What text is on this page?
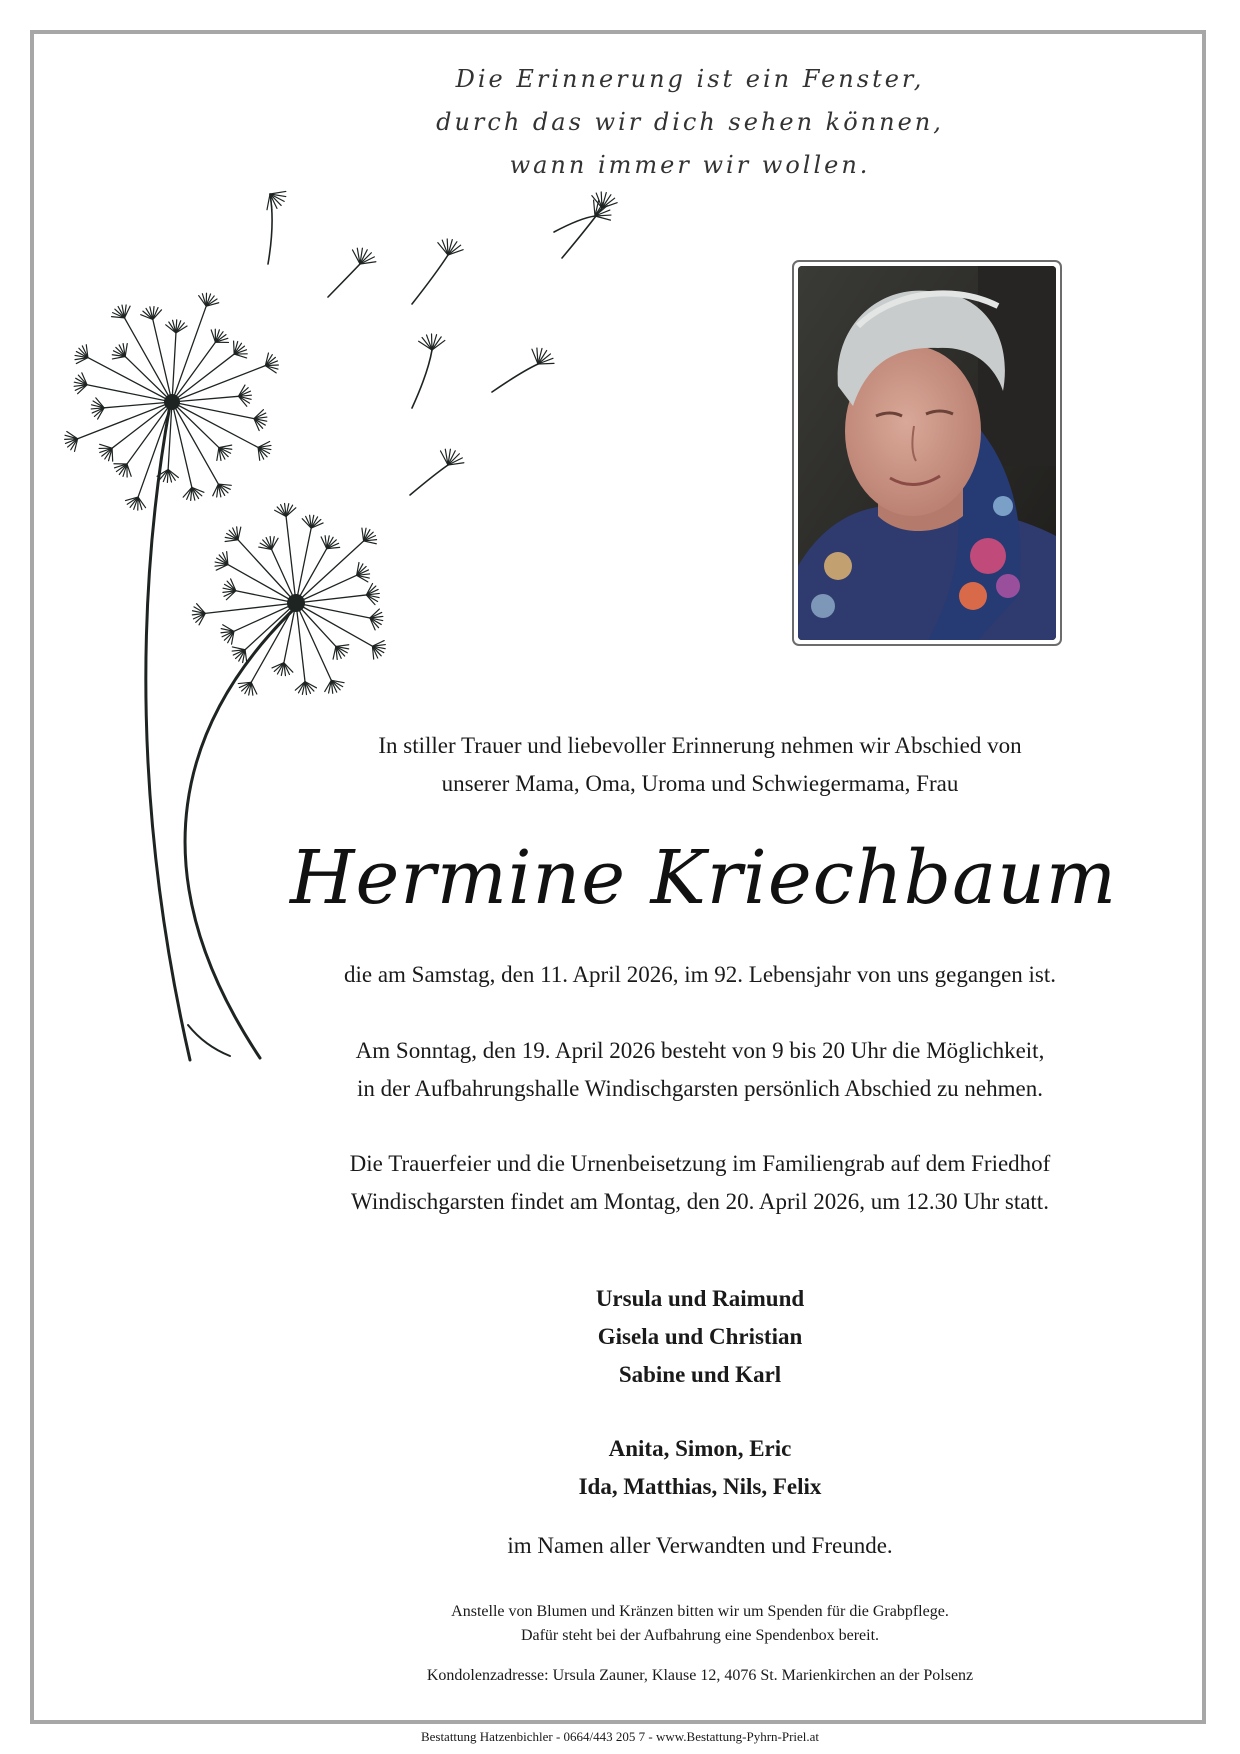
Die Erinnerung ist ein Fenster,
durch das wir dich sehen können,
wann immer wir wollen.
In stiller Trauer und liebevoller Erinnerung nehmen wir Abschied von
unserer Mama, Oma, Uroma und Schwiegermama, Frau
Hermine Kriechbaum
die am Samstag, den 11. April 2026, im 92. Lebensjahr von uns gegangen ist.
Am Sonntag, den 19. April 2026 besteht von 9 bis 20 Uhr die Möglichkeit,
in der Aufbahrungshalle Windischgarsten persönlich Abschied zu nehmen.
Die Trauerfeier und die Urnenbeisetzung im Familiengrab auf dem Friedhof
Windischgarsten findet am Montag, den 20. April 2026, um 12.30 Uhr statt.
Ursula und Raimund
Gisela und Christian
Sabine und Karl
Anita, Simon, Eric
Ida, Matthias, Nils, Felix
im Namen aller Verwandten und Freunde.
Anstelle von Blumen und Kränzen bitten wir um Spenden für die Grabpflege.
Dafür steht bei der Aufbahrung eine Spendenbox bereit.
Kondolenzadresse: Ursula Zauner, Klause 12, 4076 St. Marienkirchen an der Polsenz
Bestattung Hatzenbichler - 0664/443 205 7 - www.Bestattung-Pyhrn-Priel.at
